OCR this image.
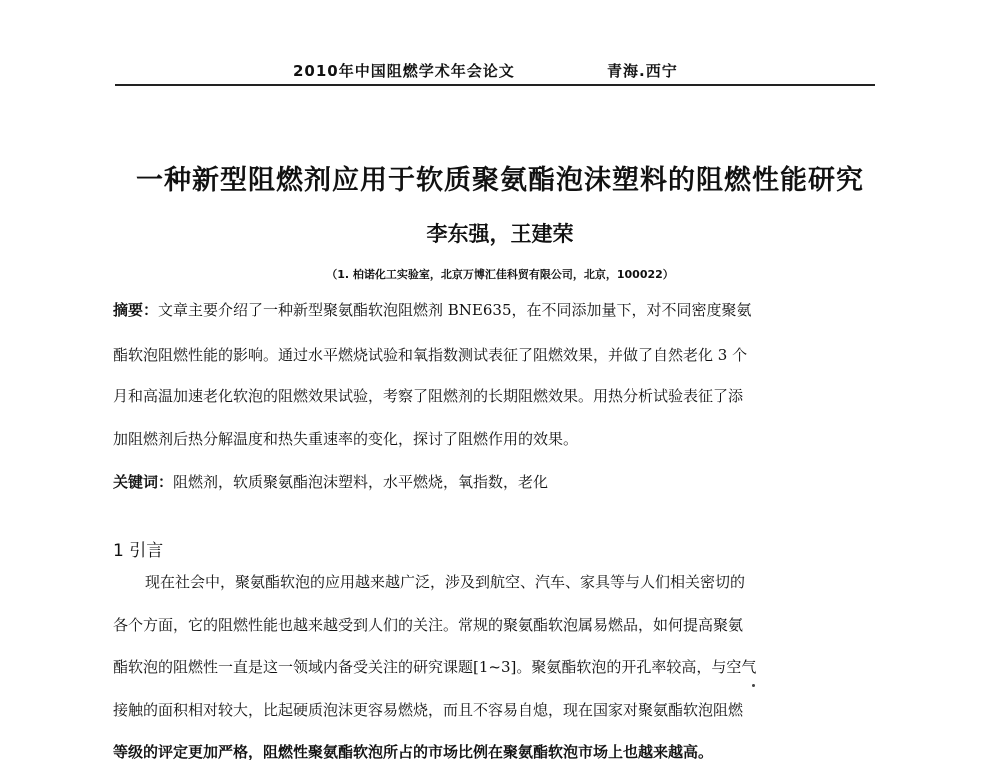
2010年中国阻燃学术年会论文	青海.西宁
一种新型阻燃剂应用于软质聚氨酯泡沫塑料的阻燃性能研究
李东强，王建荣
（1. 柏诺化工实验室，北京万博汇佳科贸有限公司，北京，100022）
摘要：文章主要介绍了一种新型聚氨酯软泡阻燃剂 BNE635，在不同添加量下，对不同密度聚氨
酯软泡阻燃性能的影响。通过水平燃烧试验和氧指数测试表征了阻燃效果，并做了自然老化 3 个
月和高温加速老化软泡的阻燃效果试验，考察了阻燃剂的长期阻燃效果。用热分析试验表征了添
加阻燃剂后热分解温度和热失重速率的变化，探讨了阻燃作用的效果。
关键词：阻燃剂，软质聚氨酯泡沫塑料，水平燃烧，氧指数，老化
1 引言
现在社会中，聚氨酯软泡的应用越来越广泛，涉及到航空、汽车、家具等与人们相关密切的
各个方面，它的阻燃性能也越来越受到人们的关注。常规的聚氨酯软泡属易燃品，如何提高聚氨
酯软泡的阻燃性一直是这一领域内备受关注的研究课题[1~3]。聚氨酯软泡的开孔率较高，与空气
接触的面积相对较大，比起硬质泡沫更容易燃烧，而且不容易自熄，现在国家对聚氨酯软泡阻燃
等级的评定更加严格，阻燃性聚氨酯软泡所占的市场比例在聚氨酯软泡市场上也越来越高。
